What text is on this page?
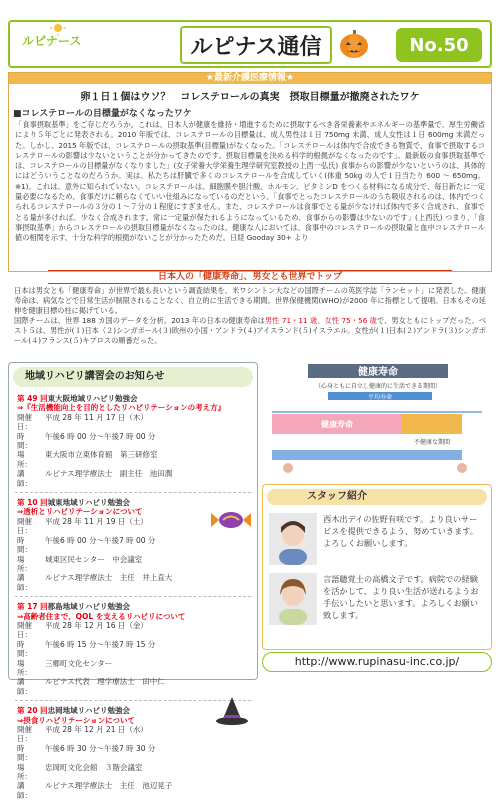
ルピナース	ルピナス通信	No.50
★最新介護医療情報★
卵１日１個はウソ？　コレステロールの真実　摂取目標量が撤廃されたワケ
■コレステロールの目標量がなくなったワケ
「食事摂取基準」をご存じだろうか。これは、日本人が健康を維持・増進するために摂取するべき各栄養素やエネルギーの基準量で、厚生労働省により５年ごとに発表される。2010 年版では、コレステロールの目標量は、成人男性は１日 750mg 未満、成人女性は１日 600mg 未満だった。しかし、2015 年版では、コレステロールの摂取基準(目標量)がなくなった。「コレステロールは体内で合成できる物質で、食事で摂取するコレステロールの影響は少ないということが分かってきたのです。摂取目標量を決める科学的根拠がなくなったのです」。最新版の食事摂取基準では、コレステロールの目標量がなくなりました」(女子栄養大学栄養生理学研究室教授の上西一弘氏) 食事からの影響が少ないというのは、具体的にはどういうことなのだろうか。実は、私たちは肝臓で多くのコレステロールを合成していく(体重 50kg の人で１日当たり 600 ～ 650mg。※1)。これは、意外に知られていない。コレステロールは、細胞膜や胆汁酸、ホルモン、ビタミンD をつくる材料になる成分で、毎日新たに一定量必要になるため、食事だけに頼らなくていい仕組みになっているのだという。「食事でとったコレステロールのうち吸収されるのは、体内でつくられるコレステロールの３分の１～７分の１程度にすぎません。また、コレステロールは食事でとる量が少なければ体内で多く合成され、食事でとる量が多ければ、少なく合成されます。常に一定量が保たれるようになっているため、食事からの影響は少ないのです」(上西氏) つまり、「食事摂取基準」からコレステロールの摂取目標量がなくなったのは、健康な人においては、食事中のコレステロールの摂取量と血中コレステロール値の相関を示す、十分な科学的根拠がないことが分かったためだ。日経 Gooday 30+ より
日本人の「健康寿命」、男女とも世界でトップ
日本は男女とも「健康寿命」が世界で最も長いという調査結果を、米ワシントン大などの国際チームの英医学誌「ランセット」に発表した。健康寿命は、病気などで日常生活が制限されることなく、自立的に生活できる期間。世界保健機関(WHO)が2000 年に指標として提唱。日本もその延伸を健康目標の柱に掲げている。
国際チームは、世界 188 カ国のデータを分析。2013 年の日本の健康寿命は男性 71・11 歳、女性 75・56 歳で、男女ともにトップだった。ベスト５は、男性が(１)日本（２)シンガポール(３)欧州の小国・アンドラ(４)アイスランド(５)イスラエル。女性が(１)日本(２)アンドラ(３)シンガポール(４)フランス(５)キプロスの順番だった。
地域リハビリ講習会のお知らせ
第 49 回東大阪地域リハビリ勉強会
⇒『生活機能向上を目的としたリハビリテーションの考え方』
開催日：
平成 28 年 11 月 17 日（木）
時　間：
午後6 時 00 分～午後7 時 00 分
場　所：
東大阪市立東体育館　第三研修室
講　師：
ルピナス理学療法士　副主任　池田潤
第 10 回城東地域リハビリ勉強会
⇒透析とリハビリテーションについて
開催日：
平成 28 年 11 月 19 日（土）
時　間：
午後6 時 00 分～午後7 時 00 分
場　所：
城東区民センター　中会議室
講　師：
ルピナス理学療法士　主任　井上直大
第 17 回都島地域リハビリ勉強会
⇒高齢者住まで、QOL を支えるリハビリについて
開催日：
平成 28 年 12 月 16 日（金）
時　間：
午後6 時 15 分～午後7 時 15 分
場　所：
三郷町文化センター
講　師：
ルピナス代表　理学療法士　田中仁
第 20 回忠岡地域リハビリ勉強会
⇒摂食リハビリテーションについて
開催日：
平成 28 年 12 月 21 日（水）
時　間：
午後6 時 30 分～午後7 時 30 分
場　所：
忠岡町文化会館　３階会議室
講　師：
ルピナス理学療法士　主任　池辺晃子
健康寿命
（心身ともに自立し健康的に生活できる期間）
平均寿命
健康寿命
不健康な期間
スタッフ紹介
西木出デイの佐野有咲です。より良いサービスを提供できるよう、努めていきます。よろしくお願いします。
言語聴覚士の高橋文子です。病院での経験を活かして、より良い生活が送れるようお手伝いしたいと思います。よろしくお願い致します。
http://www.rupinasu-inc.co.jp/
